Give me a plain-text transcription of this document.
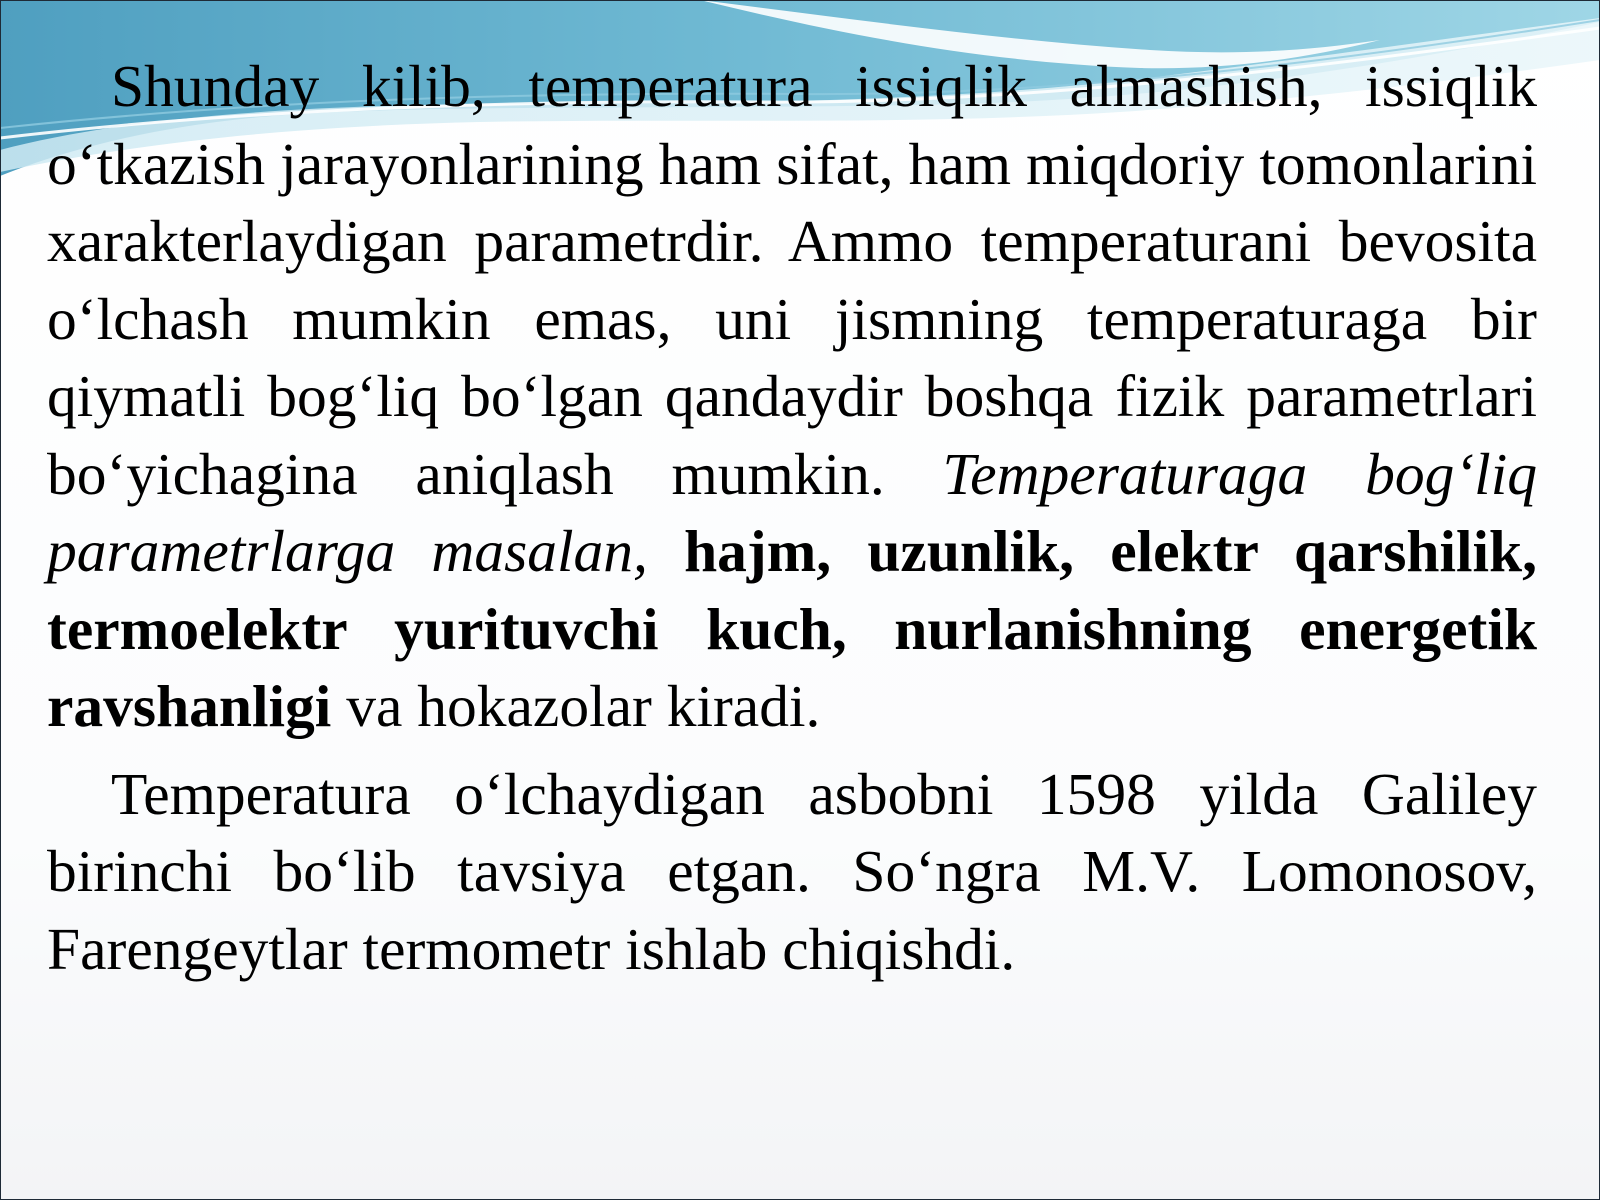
Shunday kilib, temperatura issiqlik almashish, issiqlik o‘tkazish jarayonlarining ham sifat, ham miqdoriy tomonlarini xarakterlaydigan parametrdir. Ammo temperaturani bevosita o‘lchash mumkin emas, uni jismning temperaturaga bir qiymatli bog‘liq bo‘lgan qandaydir boshqa fizik parametrlari bo‘yichagina aniqlash mumkin. Temperaturaga bog‘liq parametrlarga masalan, hajm, uzunlik, elektr qarshilik, termoelektr yurituvchi kuch, nurlanishning energetik ravshanligi va hokazolar kiradi.

Temperatura o‘lchaydigan asbobni 1598 yilda Galiley birinchi bo‘lib tavsiya etgan. So‘ngra M.V. Lomonosov, Farengeytlar termometr ishlab chiqishdi.
